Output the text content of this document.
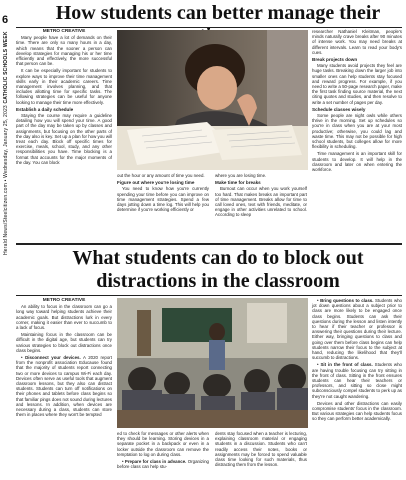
6
Herald News/Steelcitizen.com • Wednesday, January 25, 2023 CATHOLIC SCHOOLS WEEK
How students can better manage their
METRO CREATIVE

Many people have a lot of demands on their time. There are only so many hours in a day, which means that the sooner a person can develop strategies for managing his or her time efficiently and effectively, the more successful that person can be.

It can be especially important for students to explore ways to improve their time management skills early in their academic careers. Time management involves planning, and that includes allotting time for specific tasks. The following strategies can be useful for anyone looking to manage their time more effectively.

Establish a daily schedule

Staying the course may require a guideline detailing how you will spend your time. A good part of the day may be taken up by classes and assignments, but focusing on the other parts of the day also is key. Set up a plan for how you will treat each day. Block off specific times for exercise, meals, school, study, and any other responsibilities you have. Time blocking is a format that accounts for the major moments of the day. You can block

out the hour or any amount of time you need.

Figure out where you're losing time

You need to know how you're currently spending your time before you can improve on time management strategies. Spend a few days jotting down a time log. This will help you determine if you're working efficiently or

where you are losing time.

Make time for breaks

Burnout can occur when you work yourself too hard. That makes breaks an important part of time management. Breaks allow for time to call loved ones, text with friends, meditate, or engage in other activities unrelated to school. According to sleep

researcher Nathaniel Kleitman, people's minds naturally crave breaks after 90 minutes of intense work. You may need breaks at different intervals. Learn to read your body's cues.

Break projects down

Many students avoid projects they feel are huge tasks. Breaking down the larger job into smaller ones can help students stay focused and reward progress. For example, if you need to write a 50-page research paper, make the first task finding source material, the next citing quotes and studies, and then resolve to write a set number of pages per day.

Schedule classes wisely

Some people are night owls while others thrive in the morning. Set up schedules so you're in class when you are at your most productive; otherwise, you could lag and waste time. This may not be possible for high school students, but colleges allow for more flexibility in scheduling.

Time management is an important skill for students to develop. It will help in the classroom and later on when entering the workforce.

What students can do to block out
distractions in the classroom
METRO CREATIVE

An ability to focus in the classroom can go a long way toward helping students achieve their academic goals. But distractions lurk in every corner, making it easier than ever to succumb to a lack of focus.

Maintaining focus in the classroom can be difficult in the digital age, but students can try various strategies to block out distractions once class begins.

• Disconnect your devices. A 2020 report from the nonprofit association Educause found that the majority of students report connecting two or more devices to campus Wi-Fi each day. Devices often serve as useful tools that augment classroom lessons, but they also can distract students. Students can turn off notifications on their phones and tablets before class begins so that familiar pings does not sound during lectures and lessons. In addition, when devices are necessary during a class, students can store them in places where they won't be tempted

ed to check for messages or other alerts when they should be learning. Storing devices in a separate pocket in a backpack or even in a locker outside the classroom can remove the temptation to log on during class.

• Prepare for class in advance. Organizing before class can help stu-

dents stay focused when a teacher is lecturing, explaining classroom material or engaging students in a discussion. Students who can't readily access their notes, books or assignments may be forced to spend valuable class time looking for such materials, thus distracting them from the lesson.

• Bring questions to class. Students who jot down questions about a subject prior to class are more likely to be engaged once class begins. Students can ask their questions during the lesson and listen intently to hear if their teacher or professor is answering their questions during their lecture. Either way, bringing questions to class and going over them before class begins can help students narrow their focus to the subject at hand, reducing the likelihood that they'll succumb to distractions.

• Sit in the front of class. Students who are having trouble focusing can try sitting in the front of class. Sitting in the front ensures students can hear their teachers or professors, and sitting so close might subconsciously compel students to perk up as they're not caught wandering.

Devices and other distractions can easily compromise students' focus in the classroom. But various strategies can help students focus so they can perform better academically.
